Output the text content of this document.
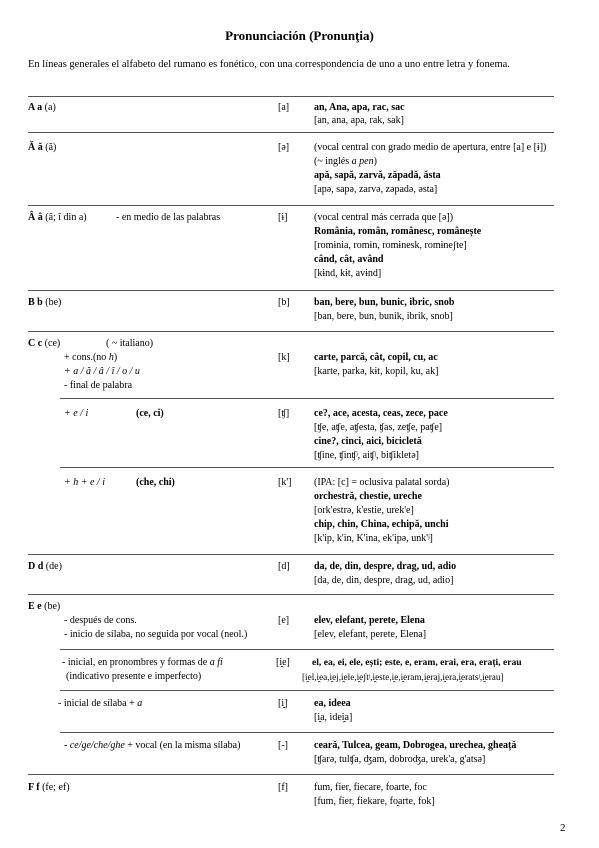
Pronunciación (Pronunţia)
En líneas generales el alfabeto del rumano es fonético, con una correspondencia de uno a uno entre letra y fonema.
A a (a)	[a] an, Ana, apa, rac, sac
[an, ana, apa, rak, sak]
Ă ă (ă)	[ə] (vocal central con grado medio de apertura, entre [a] e [ɨ])
(~ inglés a pen)
apă, sapă, zarvă, zăpadă, ăsta
[apə, sapə, zarvə, zəpadə, əsta]
Â â (â; î din a)	- en medio de las palabras	[ɨ]	(vocal central más cerrada que [ə])
România, român, românesc, românește
[romɨnia, romɨn, romɨnesk, romɨneʃte]
când, cât, având
[kɨnd, kɨt, avɨnd]
B b (be)	[b] ban, bere, bun, bunic, ibric, snob
[ban, bere, bun, bunik, ibrik, snob]
C c (ce)	( ~ italiano)
+ cons.(no h)
+ a / ă / â / î / o / u
- final de palabra
[k] carte, parcă, cât, copil, cu, ac
[karte, parkə, kɨt, kopil, ku, ak]
+ e / i	(ce, ci)	[ʧ] ce?, ace, acesta, ceas, zece, pace
[ʧe, aʧe, aʧesta, ʧas, zeʧe, paʧe]
cine?, cinci, aici, bicicletă
[ʧine, ʧinʧʲ, aiʧʲ, biʧikletə]
+ h + e / i	(che, chi)	[k'] (IPA: [c] = oclusiva palatal sorda)
orchestră, chestie, ureche
[ork'estrə, k'estie, urek'e]
chip, chin, China, echipă, unchi
[k'ip, k'in, K'ina, ek'ipə, unk'ʲ]
D d (de)	[d] da, de, din, despre, drag, ud, adio
[da, de, din, despre, drag, ud, adio]
E e (be)
- después de cons.
- inicio de sílaba, no seguida por vocal (neol.)
[e] elev, elefant, perete, Elena
[elev, elefant, perete, Elena]
- inicial, en pronombres y formas de a fi
(indicativo presente e imperfecto)
[i̯e] el, ea, ei, ele, ești; este, e, eram, erai, era, erați, erau
[i̯el,i̯ea,i̯ej,i̯ele,i̯eʃtʲ,i̯este,i̯e,i̯eram,i̯eraj,i̯era,i̯eratsʲ,i̯erau]
- inicial de sílaba + a	[i̯]	ea, ideea
[i̯a, idei̯a]
- ce/ge/che/ghe + vocal (en la misma sílaba)	[-]	ceară, Tulcea, geam, Dobrogea, urechea, gheață
[ʧarə, tulʧa, ʤam, dobroʤa, urek'a, g'atsə]
F f (fe; ef)	[f]	fum, fier, fiecare, foarte, foc
[fum, fier, fiekare, fo̯arte, fok]
2
